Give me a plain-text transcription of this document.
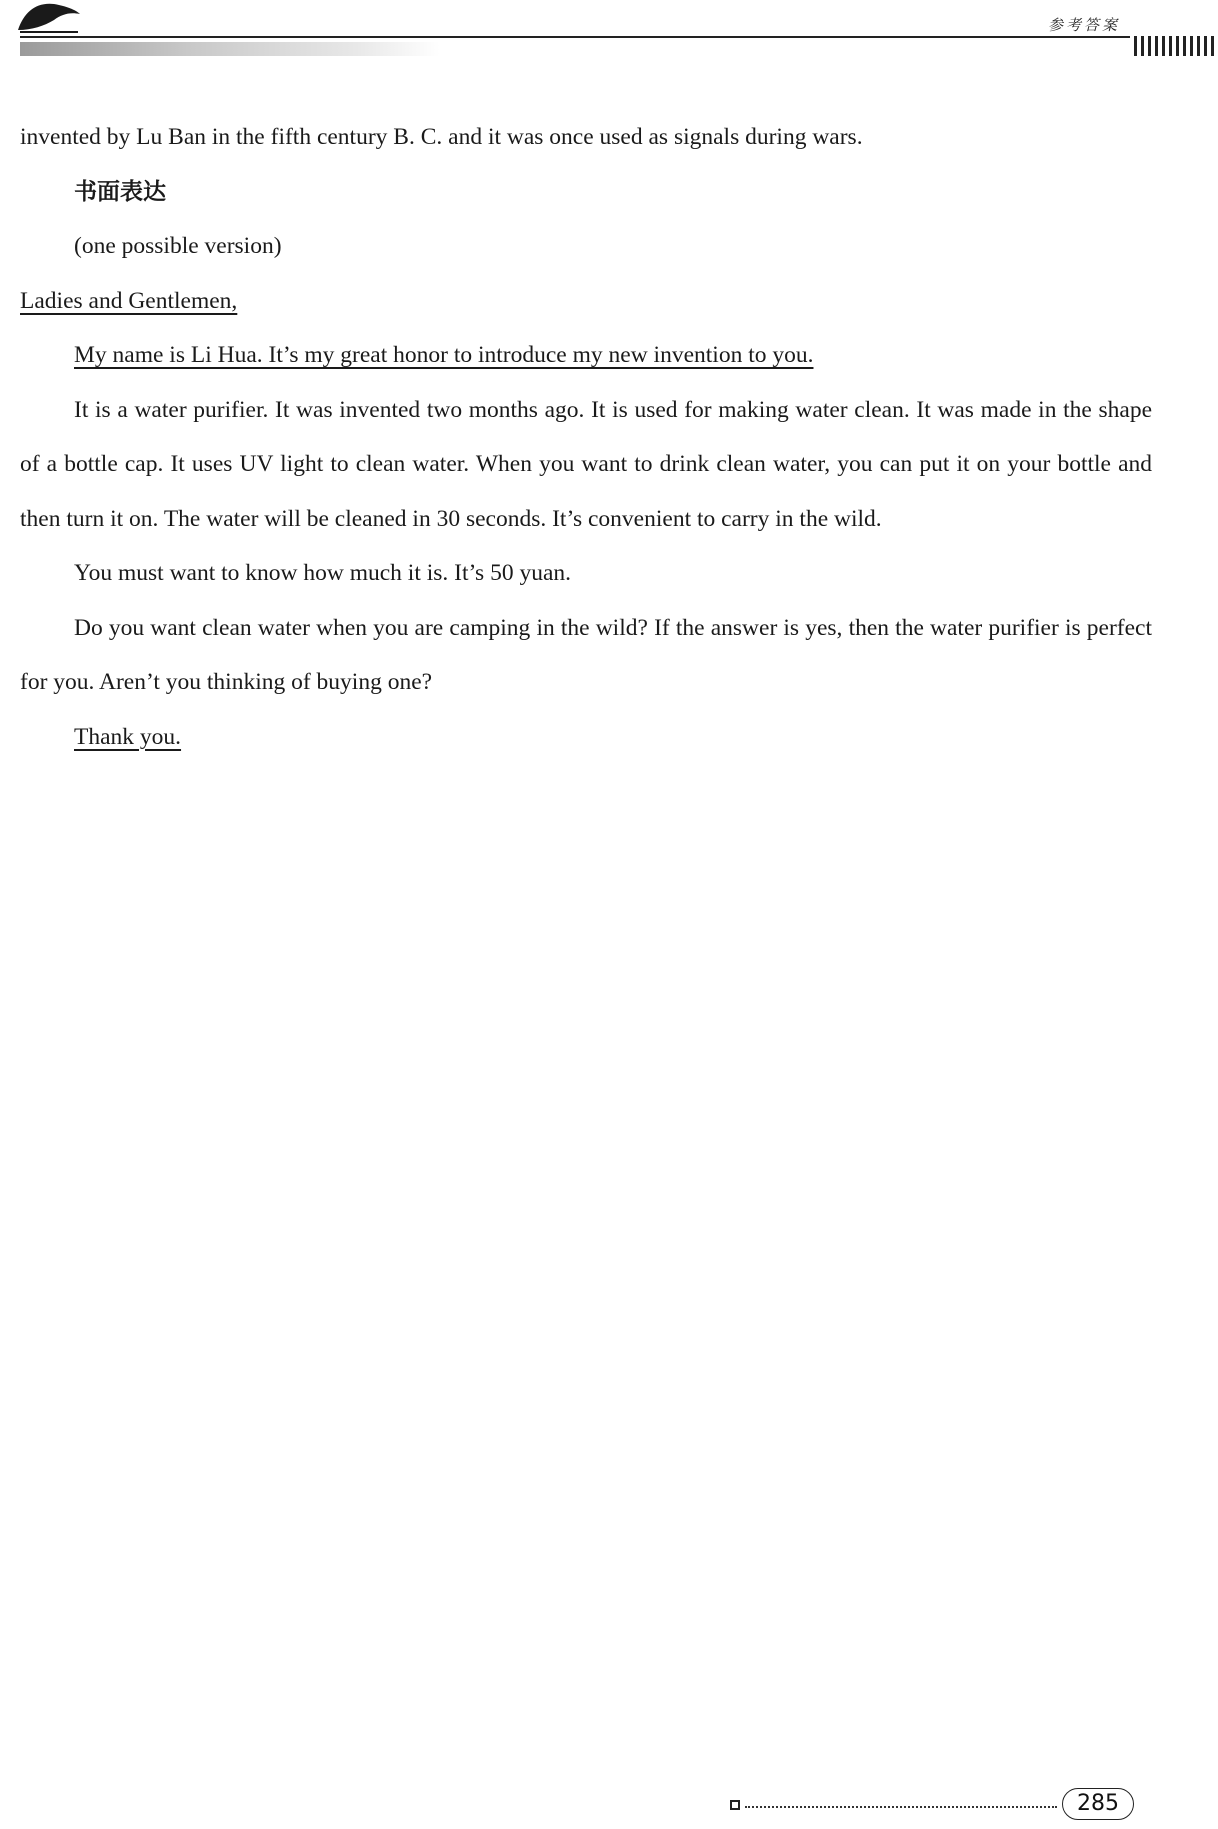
参考答案
invented by Lu Ban in the fifth century B. C. and it was once used as signals during wars.
书面表达
(one possible version)
Ladies and Gentlemen,
My name is Li Hua. It’s my great honor to introduce my new invention to you.
It is a water purifier. It was invented two months ago. It is used for making water clean. It was made in the shape of a bottle cap. It uses UV light to clean water. When you want to drink clean water, you can put it on your bottle and then turn it on. The water will be cleaned in 30 seconds. It’s convenient to carry in the wild.
You must want to know how much it is. It’s 50 yuan.
Do you want clean water when you are camping in the wild? If the answer is yes, then the water purifier is perfect for you. Aren’t you thinking of buying one?
Thank you.
285
